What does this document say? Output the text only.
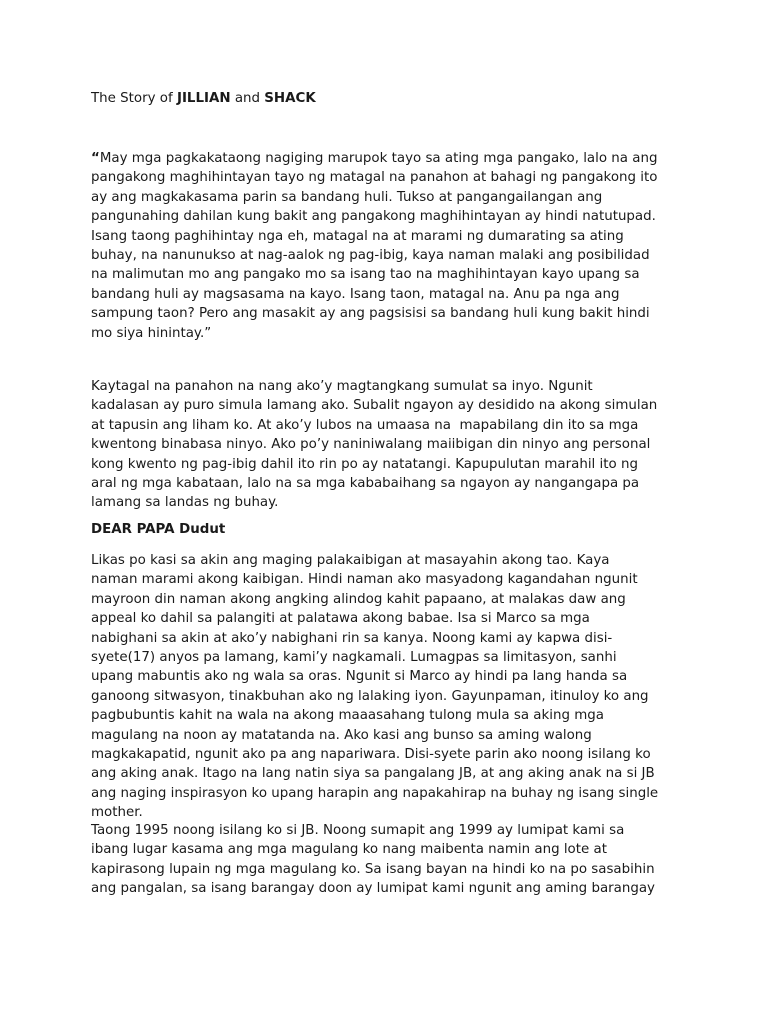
The Story of JILLIAN and SHACK

“May mga pagkakataong nagiging marupok tayo sa ating mga pangako, lalo na ang
pangakong maghihintayan tayo ng matagal na panahon at bahagi ng pangakong ito
ay ang magkakasama parin sa bandang huli. Tukso at pangangailangan ang
pangunahing dahilan kung bakit ang pangakong maghihintayan ay hindi natutupad.
Isang taong paghihintay nga eh, matagal na at marami ng dumarating sa ating
buhay, na nanunukso at nag-aalok ng pag-ibig, kaya naman malaki ang posibilidad
na malimutan mo ang pangako mo sa isang tao na maghihintayan kayo upang sa
bandang huli ay magsasama na kayo. Isang taon, matagal na. Anu pa nga ang
sampung taon? Pero ang masakit ay ang pagsisisi sa bandang huli kung bakit hindi
mo siya hinintay.”

Kaytagal na panahon na nang ako’y magtangkang sumulat sa inyo. Ngunit
kadalasan ay puro simula lamang ako. Subalit ngayon ay desidido na akong simulan
at tapusin ang liham ko. At ako’y lubos na umaasa na  mapabilang din ito sa mga
kwentong binabasa ninyo. Ako po’y naniniwalang maiibigan din ninyo ang personal
kong kwento ng pag-ibig dahil ito rin po ay natatangi. Kapupulutan marahil ito ng
aral ng mga kabataan, lalo na sa mga kababaihang sa ngayon ay nangangapa pa
lamang sa landas ng buhay.

DEAR PAPA Dudut

Likas po kasi sa akin ang maging palakaibigan at masayahin akong tao. Kaya
naman marami akong kaibigan. Hindi naman ako masyadong kagandahan ngunit
mayroon din naman akong angking alindog kahit papaano, at malakas daw ang
appeal ko dahil sa palangiti at palatawa akong babae. Isa si Marco sa mga
nabighani sa akin at ako’y nabighani rin sa kanya. Noong kami ay kapwa disi-
syete(17) anyos pa lamang, kami’y nagkamali. Lumagpas sa limitasyon, sanhi
upang mabuntis ako ng wala sa oras. Ngunit si Marco ay hindi pa lang handa sa
ganoong sitwasyon, tinakbuhan ako ng lalaking iyon. Gayunpaman, itinuloy ko ang
pagbubuntis kahit na wala na akong maaasahang tulong mula sa aking mga
magulang na noon ay matatanda na. Ako kasi ang bunso sa aming walong
magkakapatid, ngunit ako pa ang napariwara. Disi-syete parin ako noong isilang ko
ang aking anak. Itago na lang natin siya sa pangalang JB, at ang aking anak na si JB
ang naging inspirasyon ko upang harapin ang napakahirap na buhay ng isang single
mother.

Taong 1995 noong isilang ko si JB. Noong sumapit ang 1999 ay lumipat kami sa
ibang lugar kasama ang mga magulang ko nang maibenta namin ang lote at
kapirasong lupain ng mga magulang ko. Sa isang bayan na hindi ko na po sasabihin
ang pangalan, sa isang barangay doon ay lumipat kami ngunit ang aming barangay
